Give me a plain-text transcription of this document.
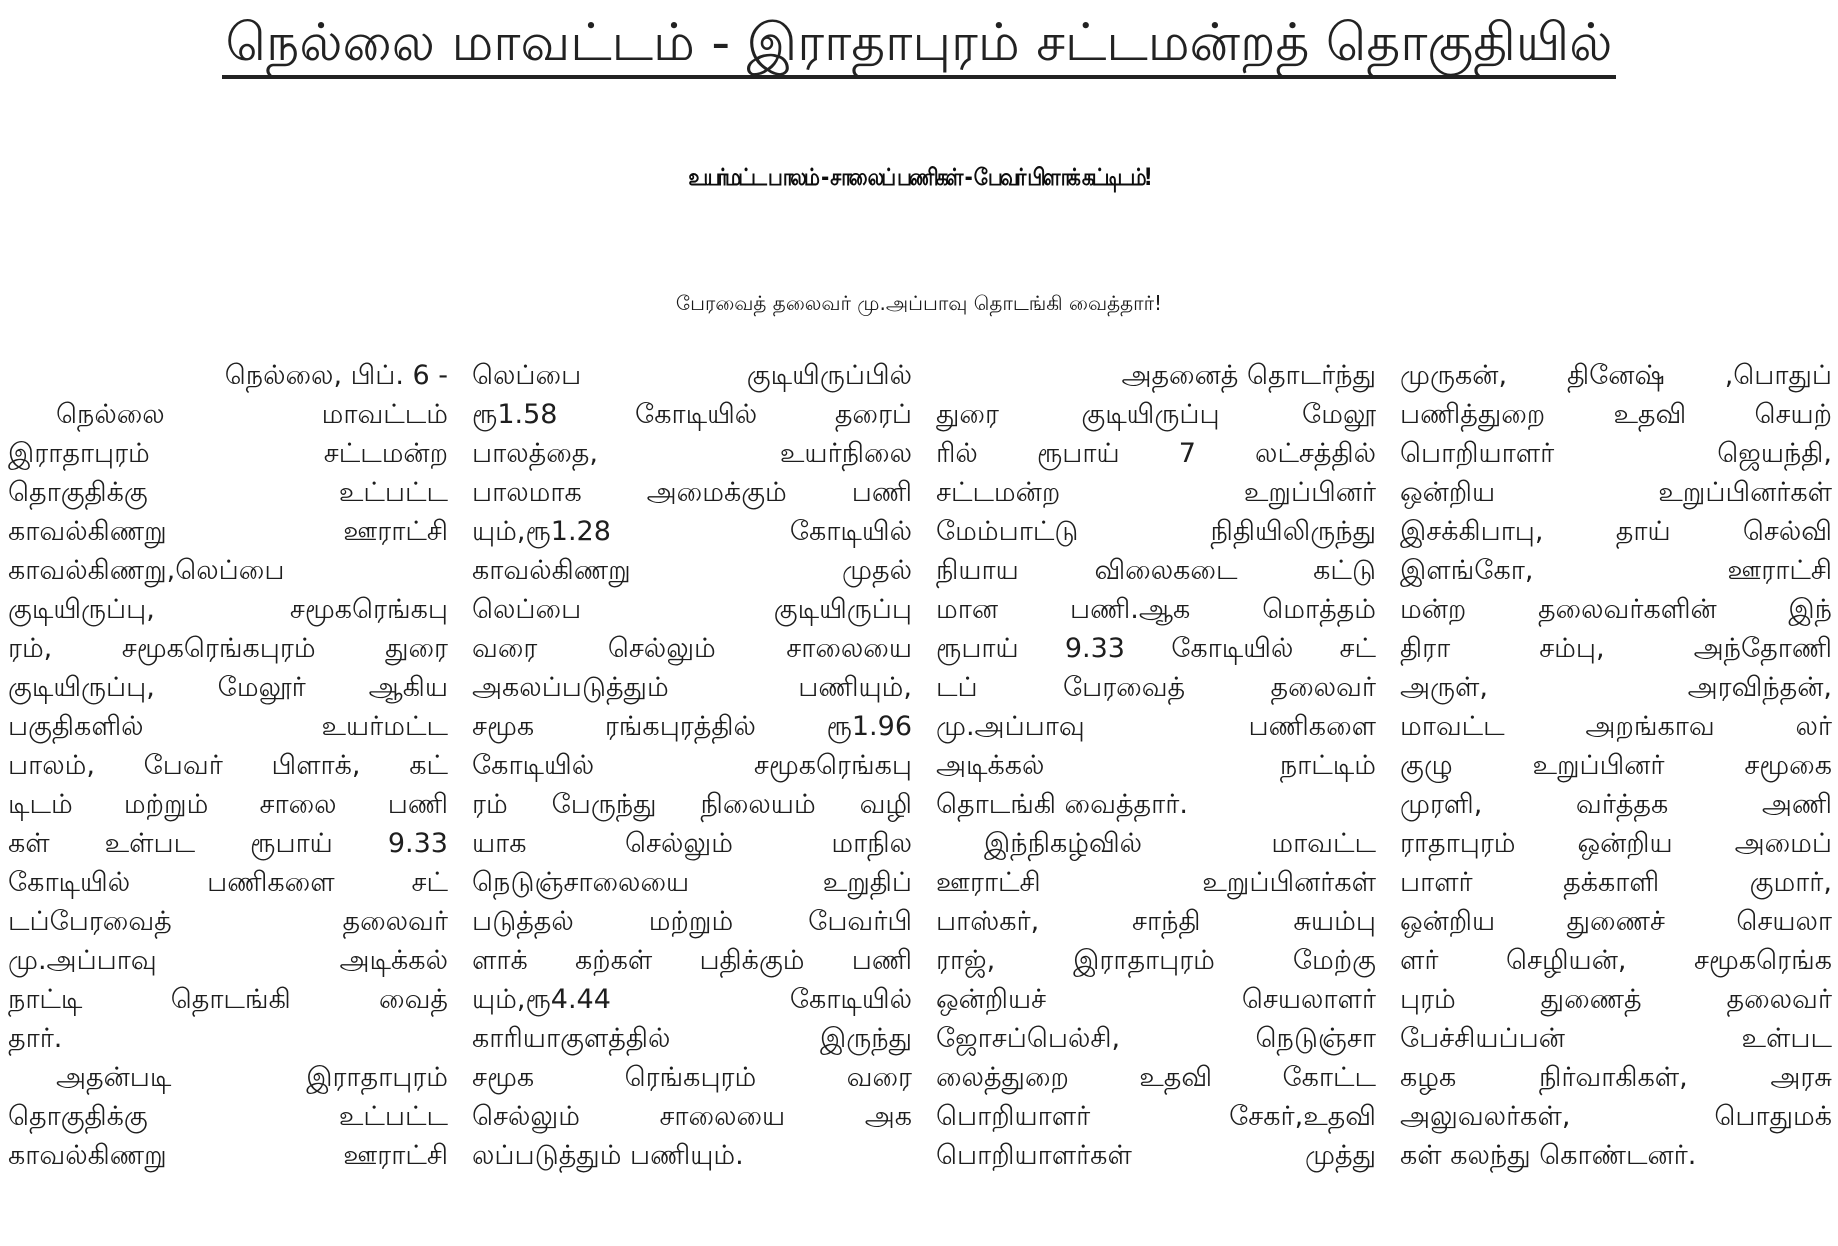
நெல்லை மாவட்டம் - இராதாபுரம் சட்டமன்றத் தொகுதியில்
உயர்மட்ட பாலம் - சாலைப் பணிகள் - பேவர் பிளாக் கட்டிடம்!
பேரவைத் தலைவர் மு.அப்பாவு தொடங்கி வைத்தார்!
நெல்லை, பிப். 6 -
நெல்லை மாவட்டம்
இராதாபுரம் சட்டமன்ற
தொகுதிக்கு உட்பட்ட
காவல்கிணறு ஊராட்சி
காவல்கிணறு,லெப்பை
குடியிருப்பு, சமூகரெங்கபு
ரம், சமூகரெங்கபுரம் துரை
குடியிருப்பு, மேலூர் ஆகிய
பகுதிகளில் உயர்மட்ட
பாலம், பேவர் பிளாக், கட்
டிடம் மற்றும் சாலை பணி
கள் உள்பட ரூபாய் 9.33
கோடியில் பணிகளை சட்
டப்பேரவைத் தலைவர்
மு.அப்பாவு அடிக்கல்
நாட்டி தொடங்கி வைத்
தார்.
அதன்படி இராதாபுரம்
தொகுதிக்கு உட்பட்ட
காவல்கிணறு ஊராட்சி
லெப்பை குடியிருப்பில்
ரூ1.58 கோடியில் தரைப்
பாலத்தை, உயர்நிலை
பாலமாக அமைக்கும் பணி
யும்,ரூ1.28 கோடியில்
காவல்கிணறு முதல்
லெப்பை குடியிருப்பு
வரை செல்லும் சாலையை
அகலப்படுத்தும் பணியும்,
சமூக ரங்கபுரத்தில் ரூ1.96
கோடியில் சமூகரெங்கபு
ரம் பேருந்து நிலையம் வழி
யாக செல்லும் மாநில
நெடுஞ்சாலையை உறுதிப்
படுத்தல் மற்றும் பேவர்பி
ளாக் கற்கள் பதிக்கும் பணி
யும்,ரூ4.44 கோடியில்
காரியாகுளத்தில் இருந்து
சமூக ரெங்கபுரம் வரை
செல்லும் சாலையை அக
லப்படுத்தும் பணியும்.
அதனைத் தொடர்ந்து
துரை குடியிருப்பு மேலூ
ரில் ரூபாய் 7 லட்சத்தில்
சட்டமன்ற உறுப்பினர்
மேம்பாட்டு நிதியிலிருந்து
நியாய விலைகடை கட்டு
மான பணி.ஆக மொத்தம்
ரூபாய் 9.33 கோடியில் சட்
டப் பேரவைத் தலைவர்
மு.அப்பாவு பணிகளை
அடிக்கல் நாட்டிம்
தொடங்கி வைத்தார்.
இந்நிகழ்வில் மாவட்ட
ஊராட்சி உறுப்பினர்கள்
பாஸ்கர், சாந்தி சுயம்பு
ராஜ், இராதாபுரம் மேற்கு
ஒன்றியச் செயலாளர்
ஜோசப்பெல்சி, நெடுஞ்சா
லைத்துறை உதவி கோட்ட
பொறியாளர் சேகர்,உதவி
பொறியாளர்கள் முத்து
முருகன், தினேஷ் ,பொதுப்
பணித்துறை உதவி செயற்
பொறியாளர் ஜெயந்தி,
ஒன்றிய உறுப்பினர்கள்
இசக்கிபாபு, தாய் செல்வி
இளங்கோ, ஊராட்சி
மன்ற தலைவர்களின் இந்
திரா சம்பு, அந்தோணி
அருள், அரவிந்தன்,
மாவட்ட அறங்காவ லர்
குழு உறுப்பினர் சமூகை
முரளி, வர்த்தக அணி
ராதாபுரம் ஒன்றிய அமைப்
பாளர் தக்காளி குமார்,
ஒன்றிய துணைச் செயலா
ளர் செழியன், சமூகரெங்க
புரம் துணைத் தலைவர்
பேச்சியப்பன் உள்பட
கழக நிர்வாகிகள், அரசு
அலுவலர்கள், பொதுமக்
கள் கலந்து கொண்டனர்.
